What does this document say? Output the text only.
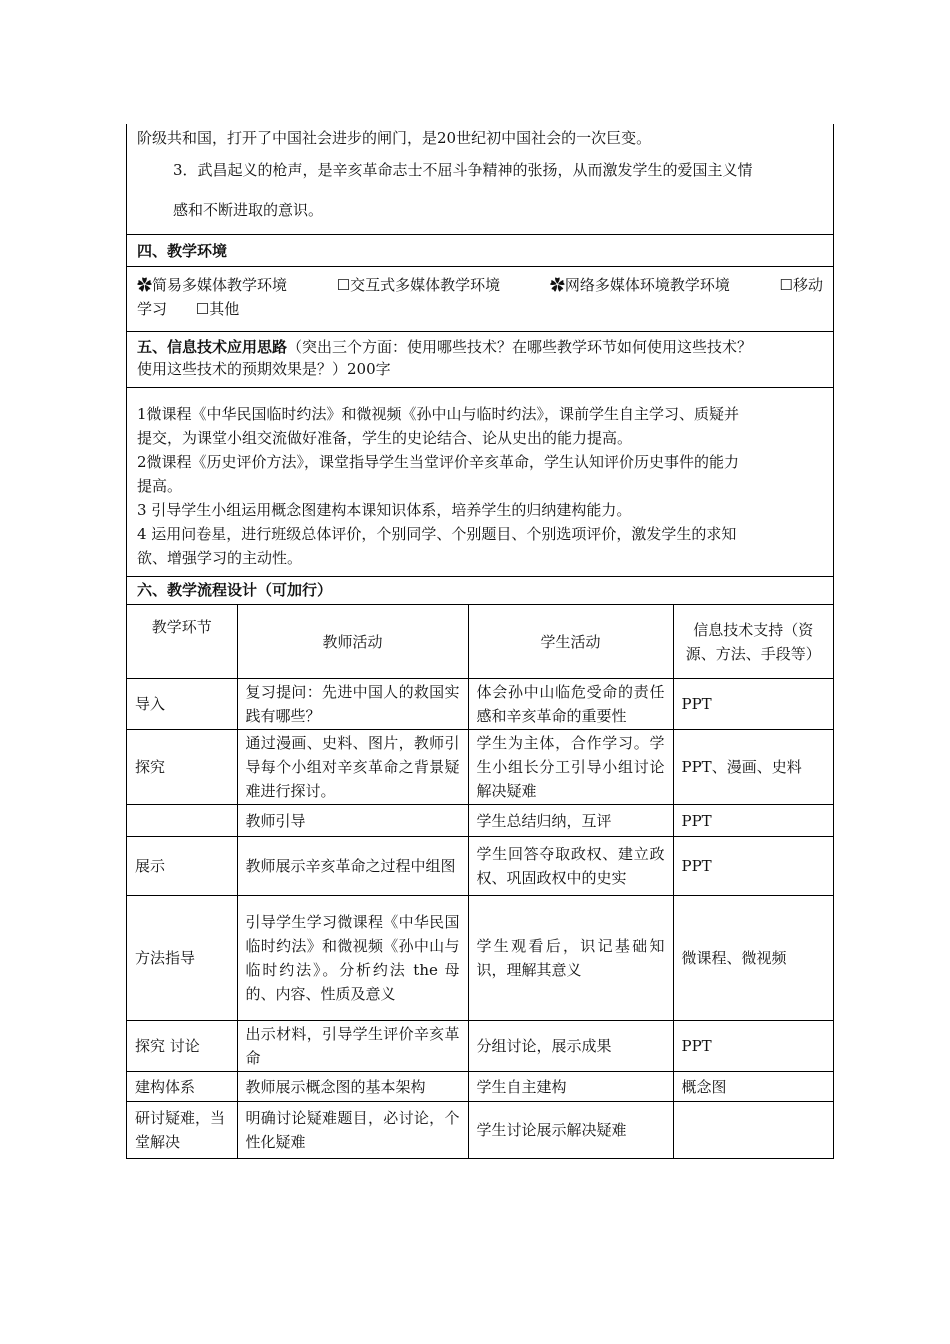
阶级共和国，打开了中国社会进步的闸门，是20世纪初中国社会的一次巨变。
3．武昌起义的枪声，是辛亥革命志士不屈斗争精神的张扬，从而激发学生的爱国主义情
感和不断进取的意识。
四、教学环境
✿简易多媒体教学环境	☐交互式多媒体教学环境	✿网络多媒体环境教学环境	☐移动
学习 ☐其他
五、信息技术应用思路（突出三个方面：使用哪些技术？在哪些教学环节如何使用这些技术？
使用这些技术的预期效果是？）200字
1微课程《中华民国临时约法》和微视频《孙中山与临时约法》，课前学生自主学习、质疑并
提交，为课堂小组交流做好准备，学生的史论结合、论从史出的能力提高。
2微课程《历史评价方法》，课堂指导学生当堂评价辛亥革命，学生认知评价历史事件的能力
提高。
3 引导学生小组运用概念图建构本课知识体系，培养学生的归纳建构能力。
4 运用问卷星，进行班级总体评价，个别同学、个别题目、个别选项评价，激发学生的求知
欲、增强学习的主动性。
六、教学流程设计（可加行）
教学环节	教师活动	学生活动	信息技术支持（资源、方法、手段等）
导入	复习提问：先进中国人的救国实践有哪些？	体会孙中山临危受命的责任感和辛亥革命的重要性	PPT
探究	通过漫画、史料、图片，教师引导每个小组对辛亥革命之背景疑难进行探讨。	学生为主体，合作学习。学生小组长分工引导小组讨论解决疑难	PPT、漫画、史料
	教师引导	学生总结归纳，互评	PPT
展示	教师展示辛亥革命之过程中组图	学生回答夺取政权、建立政权、巩固政权中的史实	PPT
方法指导	引导学生学习微课程《中华民国临时约法》和微视频《孙中山与临时约法》。分析约法 the 母的、内容、性质及意义	学生观看后，识记基础知识，理解其意义	微课程、微视频
探究 讨论	出示材料，引导学生评价辛亥革命	分组讨论，展示成果	PPT
建构体系	教师展示概念图的基本架构	学生自主建构	概念图
研讨疑难，当堂解决	明确讨论疑难题目，必讨论，个性化疑难	学生讨论展示解决疑难	
